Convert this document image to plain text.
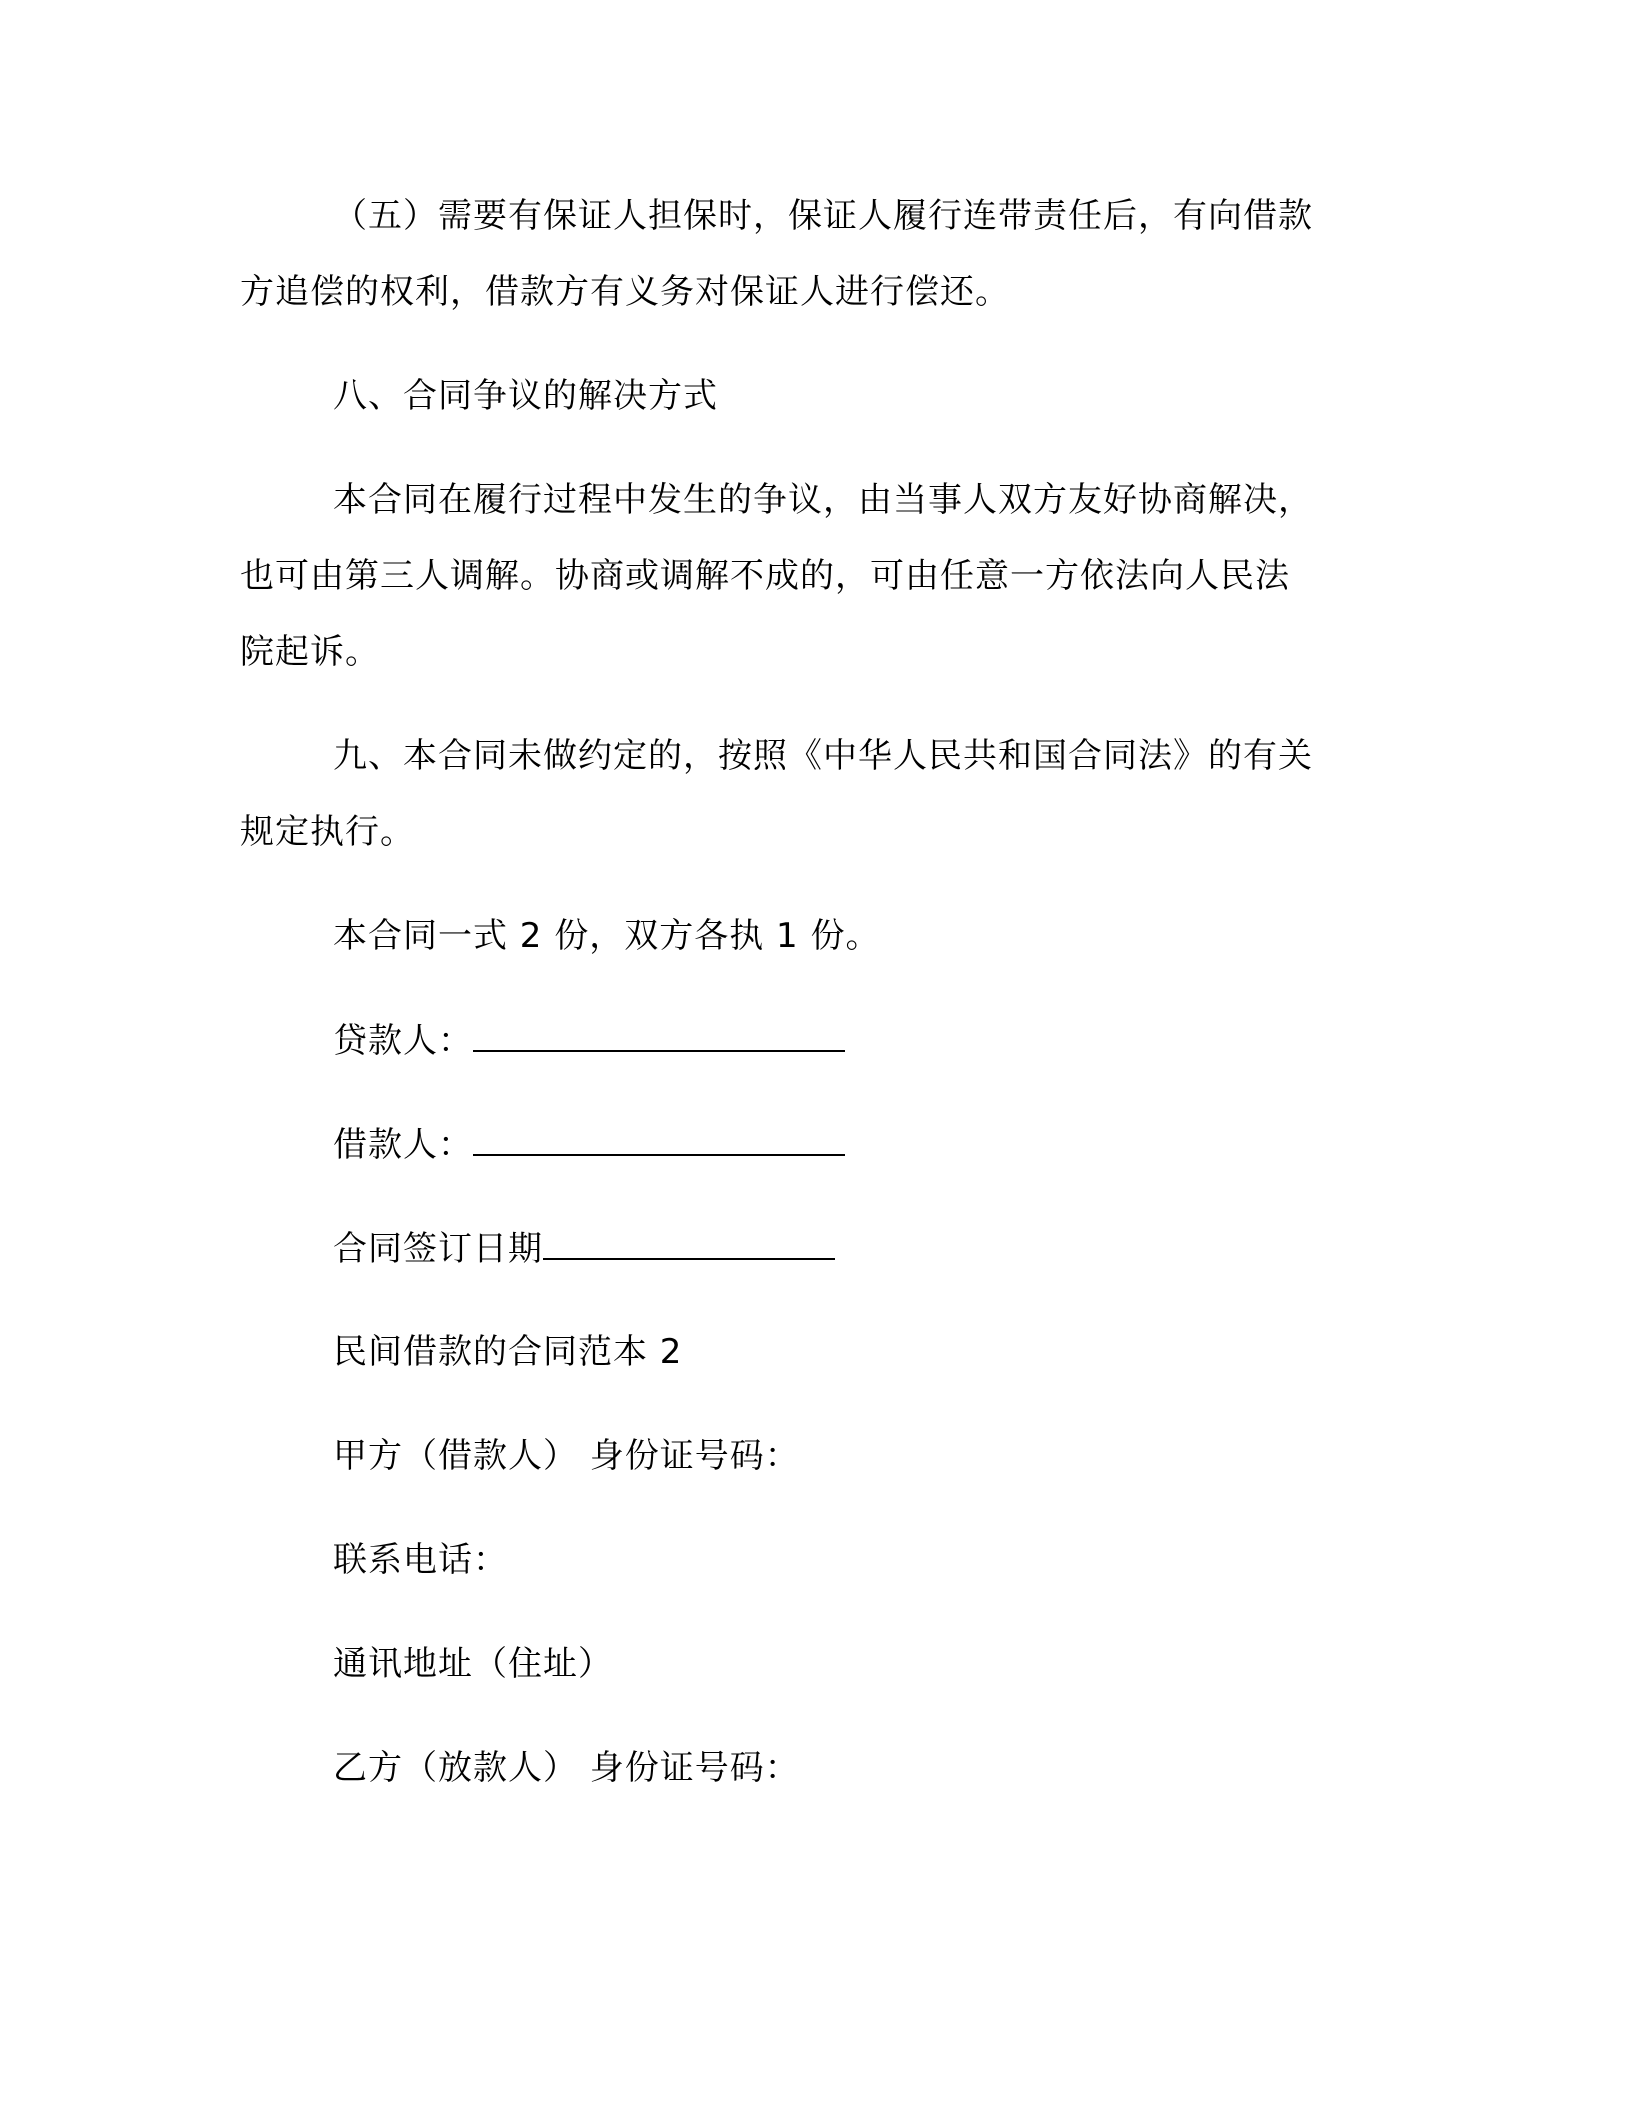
（五）需要有保证人担保时，保证人履行连带责任后，有向借款
方追偿的权利，借款方有义务对保证人进行偿还。
八、合同争议的解决方式
本合同在履行过程中发生的争议，由当事人双方友好协商解决，
也可由第三人调解。协商或调解不成的，可由任意一方依法向人民法
院起诉。
九、本合同未做约定的，按照《中华人民共和国合同法》的有关
规定执行。
本合同一式 2 份，双方各执 1 份。
贷款人：
借款人：
合同签订日期
民间借款的合同范本 2
甲方（借款人） 身份证号码：
联系电话：
通讯地址（住址）
乙方（放款人） 身份证号码：
